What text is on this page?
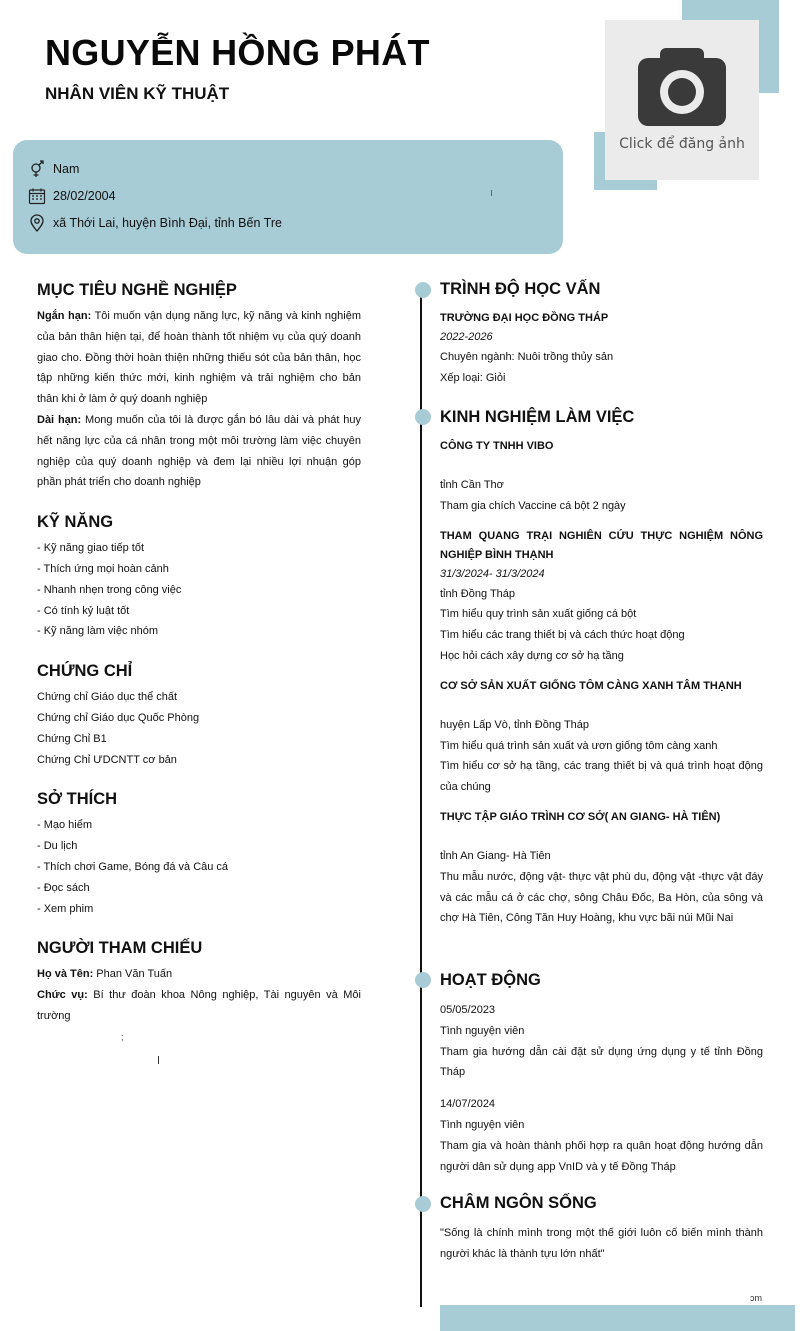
Click để đăng ảnh
NGUYỄN HỒNG PHÁT
NHÂN VIÊN KỸ THUẬT
Nam
28/02/2004
xã Thới Lai, huyện Bình Đại, tỉnh Bến Tre
MỤC TIÊU NGHỀ NGHIỆP
Ngắn hạn: Tôi muốn vận dụng năng lực, kỹ năng và kinh nghiệm của bản thân hiện tại, để hoàn thành tốt nhiệm vụ của quý doanh giao cho. Đồng thời hoàn thiện những thiếu sót của bản thân, học tập những kiến thức mới, kinh nghiệm và trải nghiệm cho bản thân khi ở làm ở quý doanh nghiệp
Dài hạn: Mong muốn của tôi là được gắn bó lâu dài và phát huy hết năng lực của cá nhân trong một môi trường làm việc chuyên nghiệp của quý doanh nghiệp và đem lại nhiều lợi nhuận góp phần phát triển cho doanh nghiệp
KỸ NĂNG
- Kỹ năng giao tiếp tốt
- Thích ứng mọi hoàn cảnh
- Nhanh nhẹn trong công việc
- Có tính kỷ luật tốt
- Kỹ năng làm việc nhóm
CHỨNG CHỈ
Chứng chỉ Giáo dục thể chất
Chứng chỉ Giáo dục Quốc Phòng
Chứng Chỉ B1
Chứng Chỉ ƯDCNTT cơ bản
SỞ THÍCH
- Mạo hiểm
- Du lịch
- Thích chơi Game, Bóng đá và Câu cá
- Đọc sách
- Xem phim
NGƯỜI THAM CHIẾU
Họ và Tên: Phan Văn Tuấn
Chức vụ: Bí thư đoàn khoa Nông nghiệp, Tài nguyên và Môi trường
;
TRÌNH ĐỘ HỌC VẤN
TRƯỜNG ĐẠI HỌC ĐỒNG THÁP
2022-2026
Chuyên ngành: Nuôi trồng thủy sản
Xếp loại: Giỏi
KINH NGHIỆM LÀM VIỆC
CÔNG TY TNHH VIBO
tỉnh Cần Thơ
Tham gia chích Vaccine cá bột 2 ngày
THAM QUANG TRẠI NGHIÊN CỨU THỰC NGHIỆM NÔNG NGHIỆP BÌNH THẠNH
31/3/2024- 31/3/2024
tỉnh Đồng Tháp
Tìm hiểu quy trình sản xuất giống cá bột
Tìm hiểu các trang thiết bị và cách thức hoạt động
Học hỏi cách xây dựng cơ sở hạ tầng
CƠ SỞ SẢN XUẤT GIỐNG TÔM CÀNG XANH TÂM THẠNH
huyện Lấp Vò, tỉnh Đồng Tháp
Tìm hiểu quá trình sản xuất và ươn giống tôm càng xanh
Tìm hiểu cơ sở hạ tầng, các trang thiết bị và quá trình hoạt động của chúng
THỰC TẬP GIÁO TRÌNH CƠ SỞ( AN GIANG- HÀ TIÊN)
tỉnh An Giang- Hà Tiên
Thu mẫu nước, động vật- thực vật phù du, động vật -thực vật đáy và các mẫu cá ở các chợ, sông Châu Đốc, Ba Hòn, của sông và chợ Hà Tiên, Công Tăn Huy Hoàng, khu vực bãi núi Mũi Nai
HOẠT ĐỘNG
05/05/2023
Tình nguyện viên
Tham gia hướng dẫn cài đặt sử dụng ứng dụng y tế tỉnh Đồng Tháp
14/07/2024
Tình nguyện viên
Tham gia và hoàn thành phối hợp ra quân hoạt động hướng dẫn người dân sử dụng app VnID và y tế Đồng Tháp
CHÂM NGÔN SỐNG
"Sống là chính mình trong một thế giới luôn cố biến mình thành người khác là thành tựu lớn nhất"
ɔm
